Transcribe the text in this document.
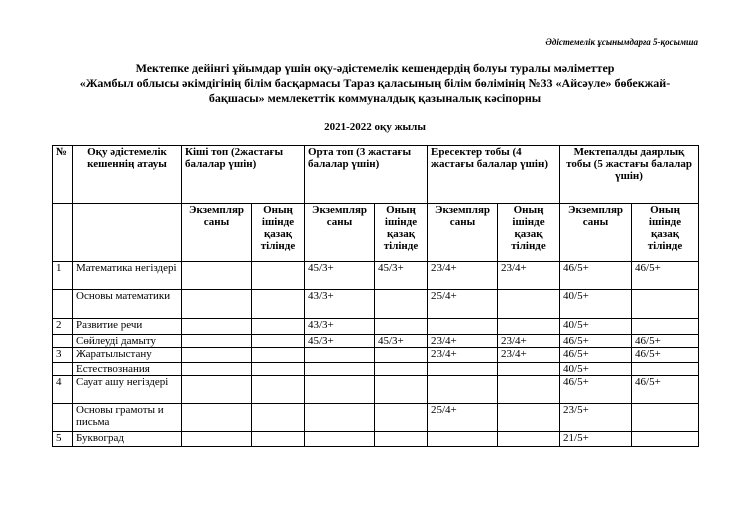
Әдістемелік ұсынымдарға 5-қосымша
Мектепке дейінгі ұйымдар үшін оқу-әдістемелік кешендердің болуы туралы мәліметтер
«Жамбыл облысы әкімдігінің білім басқармасы Тараз қаласының білім бөлімінің №33 «Айсәуле» бөбекжай-
бақшасы» мемлекеттік коммуналдық қазыналық кәсіпорны
2021-2022 оқу жылы
№	Оқу әдістемелік кешеннің атауы	Кіші топ (2жастағы балалар үшін)		Орта топ (3 жастағы балалар үшін)		Ересектер тобы (4 жастағы балалар үшін)		Мектепалды даярлық тобы (5 жастағы балалар үшін)	
		Экземпляр саны	Оның ішінде қазақ тілінде	Экземпляр саны	Оның ішінде қазақ тілінде	Экземпляр саны	Оның ішінде қазақ тілінде	Экземпляр саны	Оның ішінде қазақ тілінде
1	Математика негіздері			45/3+	45/3+	23/4+	23/4+	46/5+	46/5+
	Основы математики			43/3+		25/4+		40/5+	
2	Развитие речи			43/3+				40/5+	
	Сөйлеуді дамыту			45/3+	45/3+	23/4+	23/4+	46/5+	46/5+
3	Жаратылыстану					23/4+	23/4+	46/5+	46/5+
	Естествознания							40/5+	
4	Сауат ашу негіздері							46/5+	46/5+
	Основы грамоты и письма					25/4+		23/5+	
5	Буквоград							21/5+	
